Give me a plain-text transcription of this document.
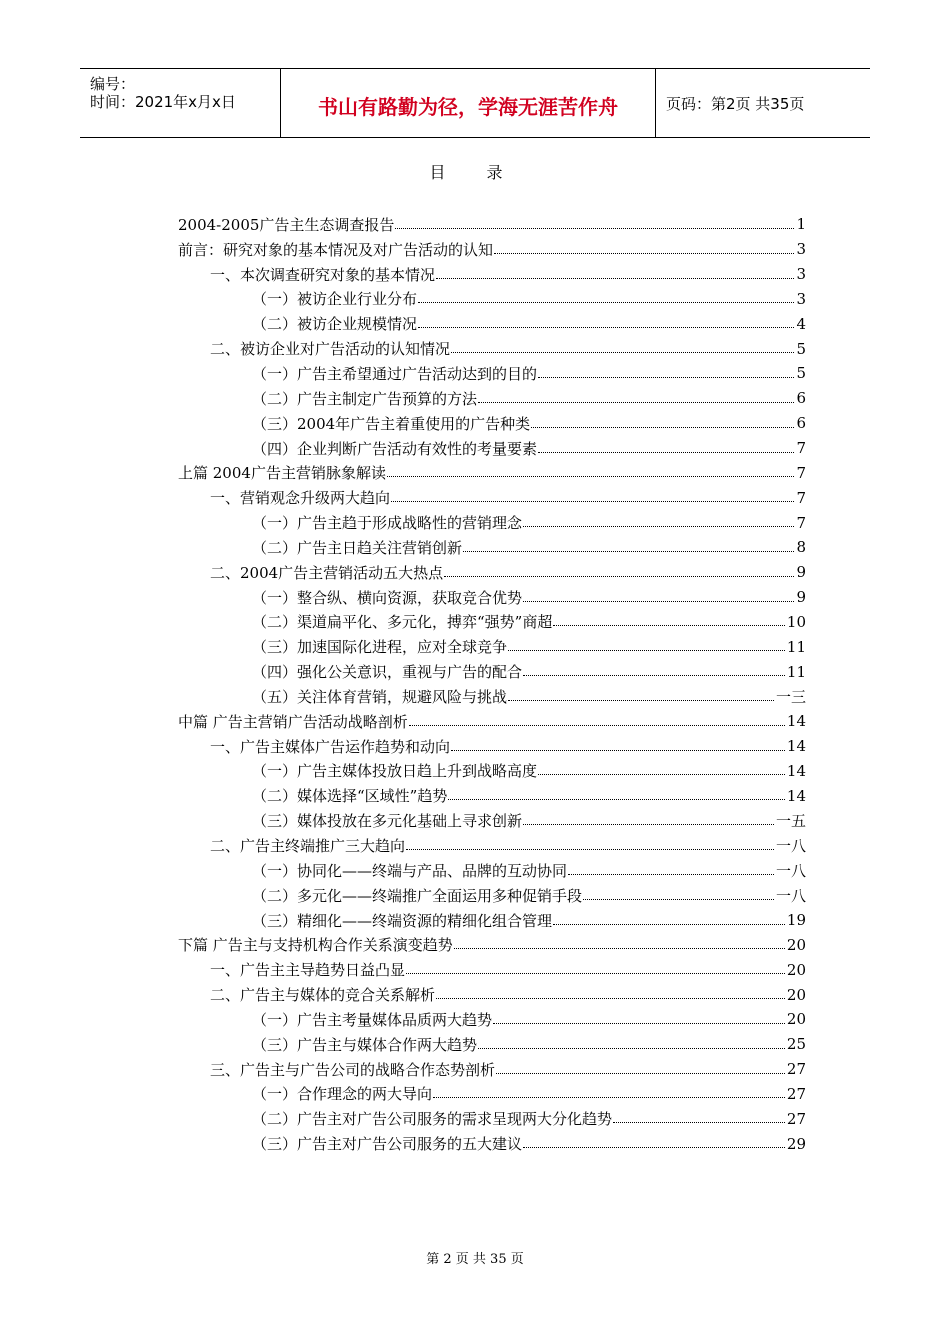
编号：
时间：2021年x月x日	书山有路勤为径，学海无涯苦作舟	页码：第2页 共35页
目 录
2004-2005广告主生态调查报告	1
前言：研究对象的基本情况及对广告活动的认知	3
一、本次调查研究对象的基本情况	3
（一）被访企业行业分布	3
（二）被访企业规模情况	4
二、被访企业对广告活动的认知情况	5
（一）广告主希望通过广告活动达到的目的	5
（二）广告主制定广告预算的方法	6
（三）2004年广告主着重使用的广告种类	6
（四）企业判断广告活动有效性的考量要素	7
上篇 2004广告主营销脉象解读	7
一、营销观念升级两大趋向	7
（一）广告主趋于形成战略性的营销理念	7
（二）广告主日趋关注营销创新	8
二、2004广告主营销活动五大热点	9
（一）整合纵、横向资源，获取竞合优势	9
（二）渠道扁平化、多元化，搏弈“强势”商超	10
（三）加速国际化进程，应对全球竞争	11
（四）强化公关意识，重视与广告的配合	11
（五）关注体育营销，规避风险与挑战	一三
中篇 广告主营销广告活动战略剖析	14
一、广告主媒体广告运作趋势和动向	14
（一）广告主媒体投放日趋上升到战略高度	14
（二）媒体选择“区域性”趋势	14
（三）媒体投放在多元化基础上寻求创新	一五
二、广告主终端推广三大趋向	一八
（一）协同化——终端与产品、品牌的互动协同	一八
（二）多元化——终端推广全面运用多种促销手段	一八
（三）精细化——终端资源的精细化组合管理	19
下篇 广告主与支持机构合作关系演变趋势	20
一、广告主主导趋势日益凸显	20
二、广告主与媒体的竞合关系解析	20
（一）广告主考量媒体品质两大趋势	20
（三）广告主与媒体合作两大趋势	25
三、广告主与广告公司的战略合作态势剖析	27
（一）合作理念的两大导向	27
（二）广告主对广告公司服务的需求呈现两大分化趋势	27
（三）广告主对广告公司服务的五大建议	29
第 2 页 共 35 页
